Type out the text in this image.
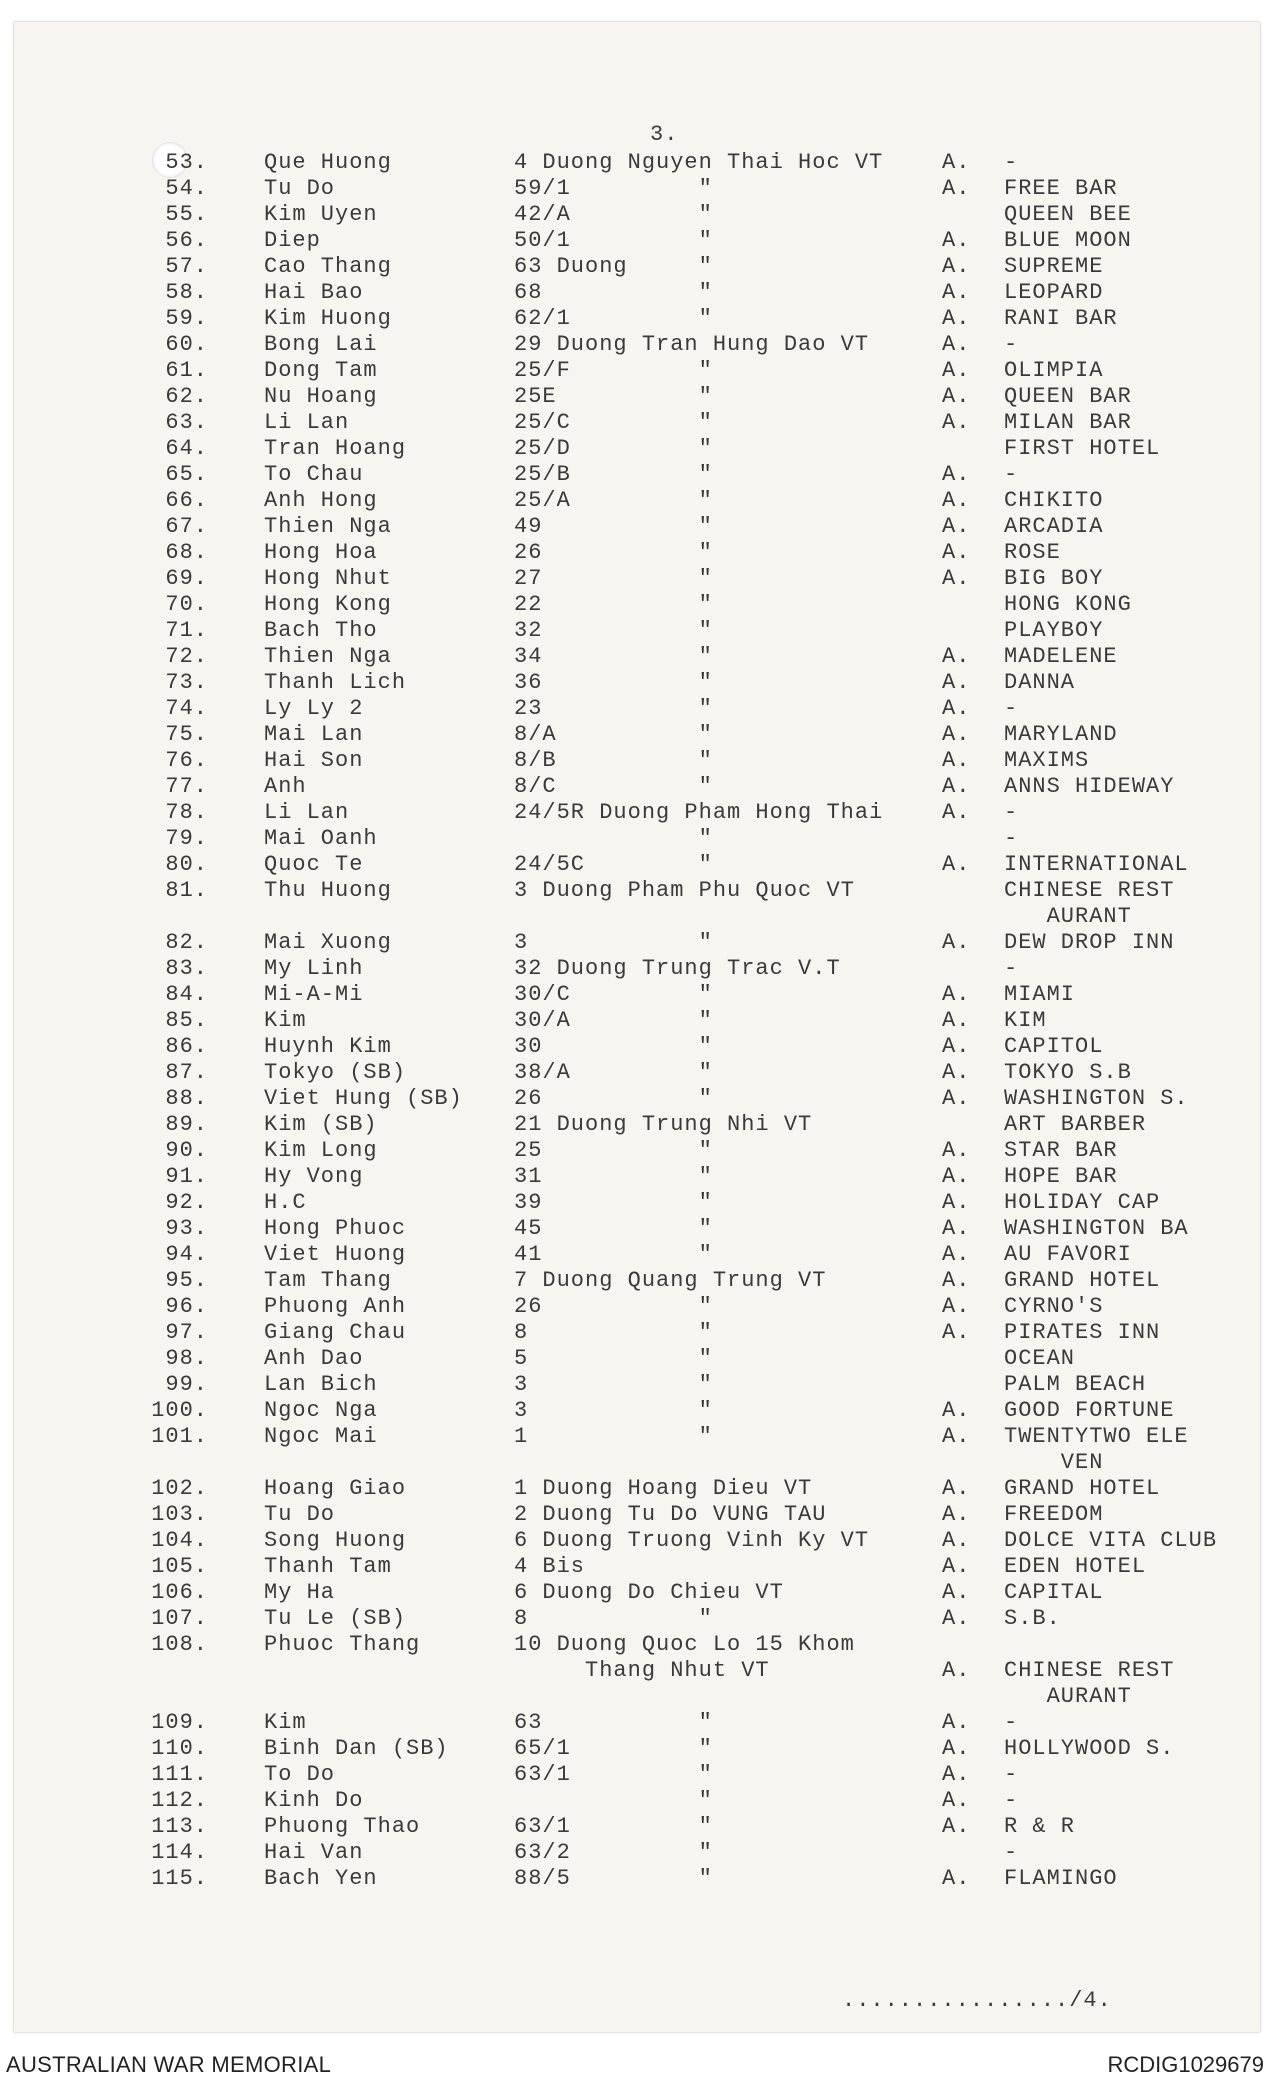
3.
53.	Que Huong	4 Duong Nguyen Thai Hoc VT	A. -
54.	Tu Do	59/1         "	A. FREE BAR
55.	Kim Uyen	42/A         "	QUEEN BEE
56.	Diep	50/1         "	A. BLUE MOON
57.	Cao Thang	63 Duong     "	A. SUPREME
58.	Hai Bao	68           "	A. LEOPARD
59.	Kim Huong	62/1         "	A. RANI BAR
60.	Bong Lai	29 Duong Tran Hung Dao VT	A. -
61.	Dong Tam	25/F         "	A. OLIMPIA
62.	Nu Hoang	25E          "	A. QUEEN BAR
63.	Li Lan	25/C         "	A. MILAN BAR
64.	Tran Hoang	25/D         "	FIRST HOTEL
65.	To Chau	25/B         "	A. -
66.	Anh Hong	25/A         "	A. CHIKITO
67.	Thien Nga	49           "	A. ARCADIA
68.	Hong Hoa	26           "	A. ROSE
69.	Hong Nhut	27           "	A. BIG BOY
70.	Hong Kong	22           "	HONG KONG
71.	Bach Tho	32           "	PLAYBOY
72.	Thien Nga	34           "	A. MADELENE
73.	Thanh Lich	36           "	A. DANNA
74.	Ly Ly 2	23           "	A. -
75.	Mai Lan	8/A          "	A. MARYLAND
76.	Hai Son	8/B          "	A. MAXIMS
77.	Anh	8/C          "	A. ANNS HIDEWAY
78.	Li Lan	24/5R Duong Pham Hong Thai	A. -
79.	Mai Oanh	"	-
80.	Quoc Te	24/5C        "	A. INTERNATIONAL
81.	Thu Huong	3 Duong Pham Phu Quoc VT	CHINESE REST
AURANT
82.	Mai Xuong	3            "	A. DEW DROP INN
83.	My Linh	32 Duong Trung Trac V.T	-
84.	Mi-A-Mi	30/C         "	A. MIAMI
85.	Kim	30/A         "	A. KIM
86.	Huynh Kim	30           "	A. CAPITOL
87.	Tokyo (SB)	38/A         "	A. TOKYO S.B
88.	Viet Hung (SB) 26           "	A. WASHINGTON S.
89.	Kim (SB)	21 Duong Trung Nhi VT	ART BARBER
90.	Kim Long	25           "	A. STAR BAR
91.	Hy Vong	31           "	A. HOPE BAR
92.	H.C	39           "	A. HOLIDAY CAP
93.	Hong Phuoc	45           "	A. WASHINGTON BA
94.	Viet Huong	41           "	A. AU FAVORI
95.	Tam Thang	7 Duong Quang Trung VT	A. GRAND HOTEL
96.	Phuong Anh	26           "	A. CYRNO'S
97.	Giang Chau	8            "	A. PIRATES INN
98.	Anh Dao	5            "	OCEAN
99.	Lan Bich	3            "	PALM BEACH
100.	Ngoc Nga	3            "	A. GOOD FORTUNE
101.	Ngoc Mai	1            "	A. TWENTYTWO ELE
VEN
102.	Hoang Giao	1 Duong Hoang Dieu VT	A. GRAND HOTEL
103.	Tu Do	2 Duong Tu Do VUNG TAU	A. FREEDOM
104.	Song Huong	6 Duong Truong Vinh Ky VT	A. DOLCE VITA CLUB
105.	Thanh Tam	4 Bis	A. EDEN HOTEL
106.	My Ha	6 Duong Do Chieu VT	A. CAPITAL
107.	Tu Le (SB)	8            "	A. S.B.
108.	Phuoc Thang	10 Duong Quoc Lo 15 Khom
Thang Nhut VT	A. CHINESE REST
AURANT
109.	Kim	63           "	A. -
110.	Binh Dan (SB)	65/1         "	A. HOLLYWOOD S.
111.	To Do	63/1         "	A. -
112.	Kinh Do	"	A. -
113.	Phuong Thao	63/1         "	A. R & R
114.	Hai Van	63/2         "	-
115.	Bach Yen	88/5         "	A. FLAMINGO
................/4.
AUSTRALIAN WAR MEMORIAL	RCDIG1029679
